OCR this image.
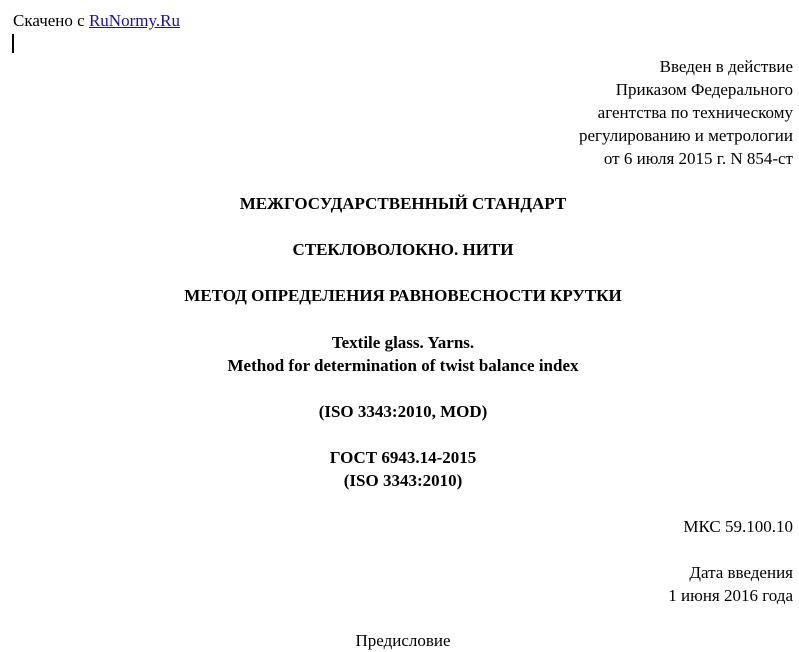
Скачено с RuNormy.Ru
Введен в действие
Приказом Федерального
агентства по техническому
регулированию и метрологии
от 6 июля 2015 г. N 854-ст
МЕЖГОСУДАРСТВЕННЫЙ СТАНДАРТ
СТЕКЛОВОЛОКНО. НИТИ
МЕТОД ОПРЕДЕЛЕНИЯ РАВНОВЕСНОСТИ КРУТКИ
Textile glass. Yarns.
Method for determination of twist balance index
(ISO 3343:2010, MOD)
ГОСТ 6943.14-2015
(ISO 3343:2010)
МКС 59.100.10
Дата введения
1 июня 2016 года
Предисловие
